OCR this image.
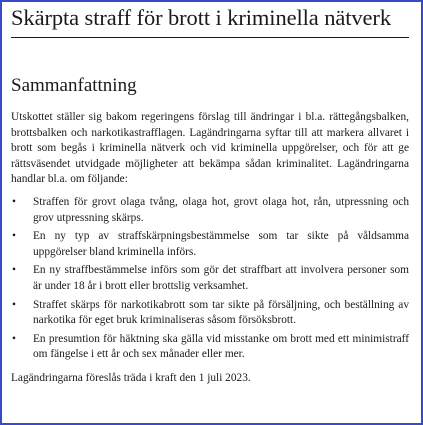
Skärpta straff för brott i kriminella nätverk
Sammanfattning

Utskottet ställer sig bakom regeringens förslag till ändringar i bl.a. rättegångsbalken, brottsbalken och narkotikastrafflagen. Lagändringarna syftar till att markera allvaret i brott som begås i kriminella nätverk och vid kriminella uppgörelser, och för att ge rättsväsendet utvidgade möjligheter att bekämpa sådan kriminalitet. Lagändringarna handlar bl.a. om följande:

• Straffen för grovt olaga tvång, olaga hot, grovt olaga hot, rån, utpressning och grov utpressning skärps.
• En ny typ av straffskärpningsbestämmelse som tar sikte på våldsamma uppgörelser bland kriminella införs.
• En ny straffbestämmelse införs som gör det straffbart att involvera personer som är under 18 år i brott eller brottslig verksamhet.
• Straffet skärps för narkotikabrott som tar sikte på försäljning, och beställning av narkotika för eget bruk kriminaliseras såsom försöksbrott.
• En presumtion för häktning ska gälla vid misstanke om brott med ett minimistraff om fängelse i ett år och sex månader eller mer.

Lagändringarna föreslås träda i kraft den 1 juli 2023.
